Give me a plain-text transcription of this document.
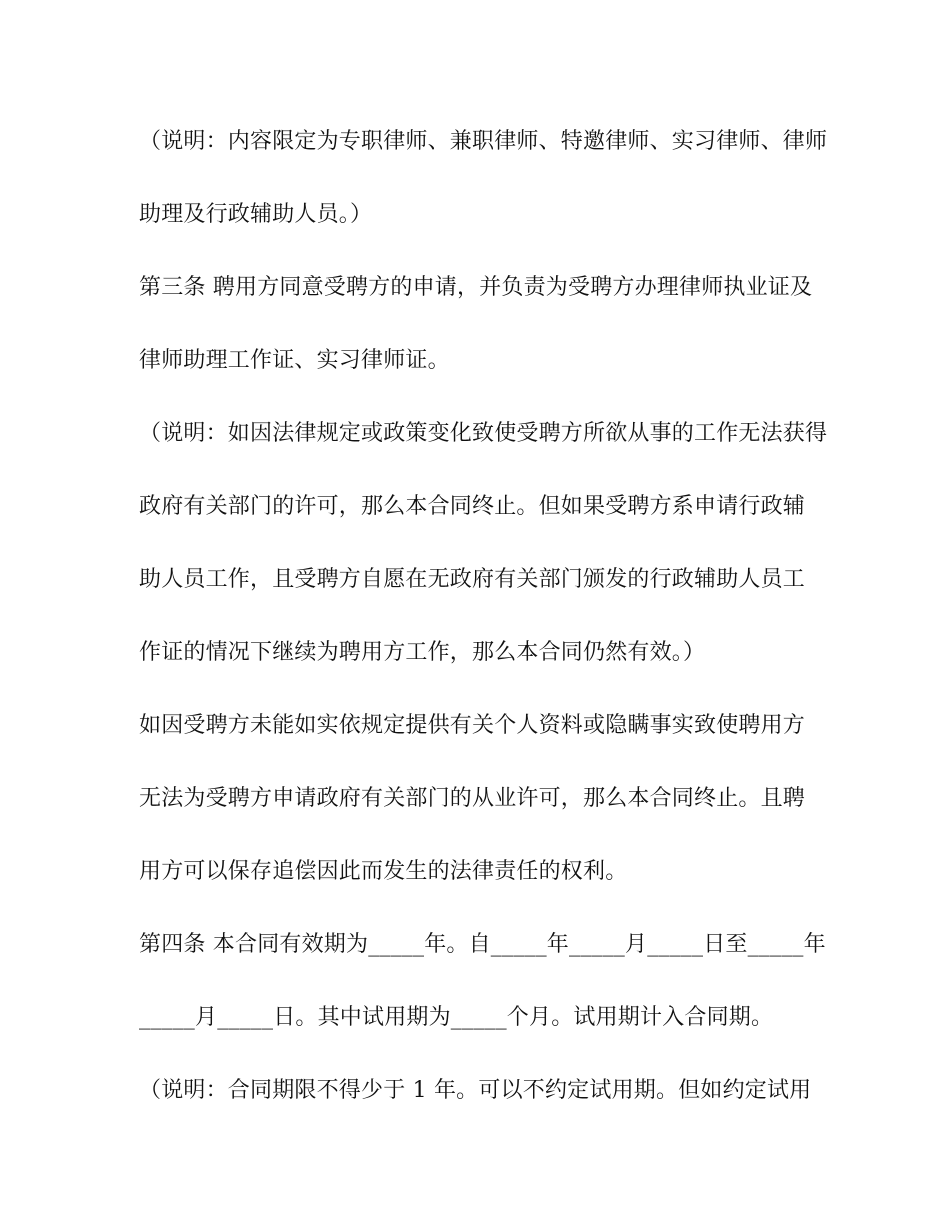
（说明：内容限定为专职律师、兼职律师、特邀律师、实习律师、律师
助理及行政辅助人员。）
第三条 聘用方同意受聘方的申请，并负责为受聘方办理律师执业证及
律师助理工作证、实习律师证。
（说明：如因法律规定或政策变化致使受聘方所欲从事的工作无法获得
政府有关部门的许可，那么本合同终止。但如果受聘方系申请行政辅
助人员工作，且受聘方自愿在无政府有关部门颁发的行政辅助人员工
作证的情况下继续为聘用方工作，那么本合同仍然有效。）
如因受聘方未能如实依规定提供有关个人资料或隐瞒事实致使聘用方
无法为受聘方申请政府有关部门的从业许可，那么本合同终止。且聘
用方可以保存追偿因此而发生的法律责任的权利。
第四条 本合同有效期为_____年。自_____年_____月_____日至_____年
_____月_____日。其中试用期为_____个月。试用期计入合同期。
（说明：合同期限不得少于 1 年。可以不约定试用期。但如约定试用
